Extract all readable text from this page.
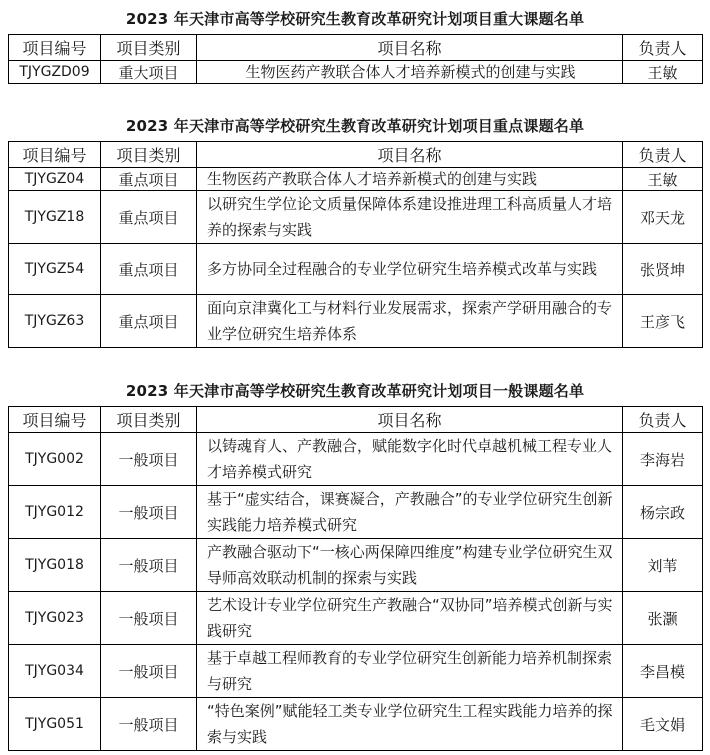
2023 年天津市高等学校研究生教育改革研究计划项目重大课题名单
项目编号	项目类别	项目名称	负责人
TJYGZD09	重大项目	生物医药产教联合体人才培养新模式的创建与实践	王敏
2023 年天津市高等学校研究生教育改革研究计划项目重点课题名单
项目编号	项目类别	项目名称	负责人
TJYGZ04	重点项目	生物医药产教联合体人才培养新模式的创建与实践	王敏
TJYGZ18	重点项目	以研究生学位论文质量保障体系建设推进理工科高质量人才培养的探索与实践	邓天龙
TJYGZ54	重点项目	多方协同全过程融合的专业学位研究生培养模式改革与实践	张贤坤
TJYGZ63	重点项目	面向京津冀化工与材料行业发展需求，探索产学研用融合的专业学位研究生培养体系	王彦飞
2023 年天津市高等学校研究生教育改革研究计划项目一般课题名单
项目编号	项目类别	项目名称	负责人
TJYG002	一般项目	以铸魂育人、产教融合，赋能数字化时代卓越机械工程专业人才培养模式研究	李海岩
TJYG012	一般项目	基于“虚实结合，课赛凝合，产教融合”的专业学位研究生创新实践能力培养模式研究	杨宗政
TJYG018	一般项目	产教融合驱动下“一核心两保障四维度”构建专业学位研究生双导师高效联动机制的探索与实践	刘苇
TJYG023	一般项目	艺术设计专业学位研究生产教融合“双协同”培养模式创新与实践研究	张灏
TJYG034	一般项目	基于卓越工程师教育的专业学位研究生创新能力培养机制探索与研究	李昌模
TJYG051	一般项目	“特色案例”赋能轻工类专业学位研究生工程实践能力培养的探索与实践	毛文娟
